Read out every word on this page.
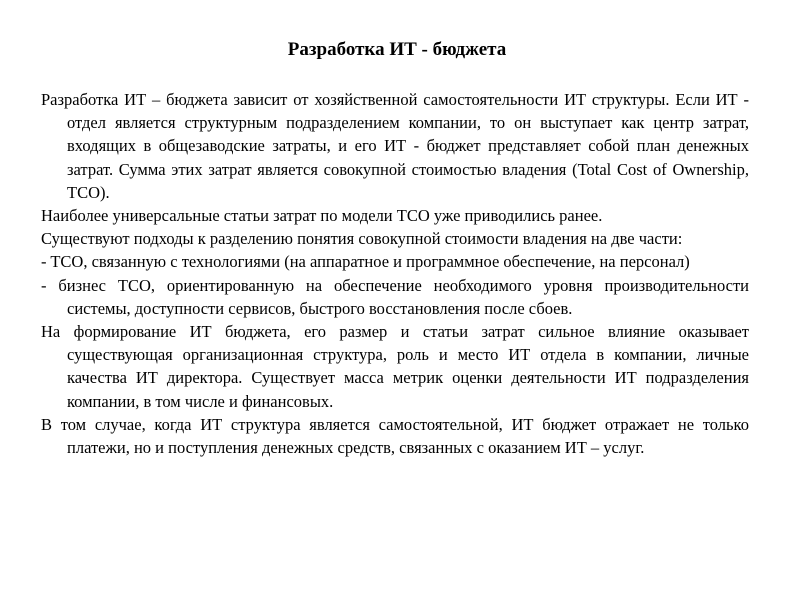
Разработка ИТ - бюджета

Разработка ИТ – бюджета зависит от хозяйственной самостоятельности ИТ структуры. Если ИТ - отдел является структурным подразделением компании, то он выступает как центр затрат, входящих в общезаводские затраты, и его ИТ - бюджет представляет собой план денежных затрат. Сумма этих затрат является совокупной стоимостью владения (Total Cost of Ownership, TCO).

Наиболее универсальные статьи затрат по модели TCO уже приводились ранее.

Существуют подходы к разделению понятия совокупной стоимости владения на две части:

- TCO, связанную с технологиями (на аппаратное и программное обеспечение, на персонал)

- бизнес TCO, ориентированную на обеспечение необходимого уровня производительности системы, доступности сервисов, быстрого восстановления после сбоев.

На формирование ИТ бюджета, его размер и статьи затрат сильное влияние оказывает существующая организационная структура, роль и место ИТ отдела в компании, личные качества ИТ директора. Существует масса метрик оценки деятельности ИТ подразделения компании, в том числе и финансовых.

В том случае, когда ИТ структура является самостоятельной, ИТ бюджет отражает не только платежи, но и поступления денежных средств, связанных с оказанием ИТ – услуг.
